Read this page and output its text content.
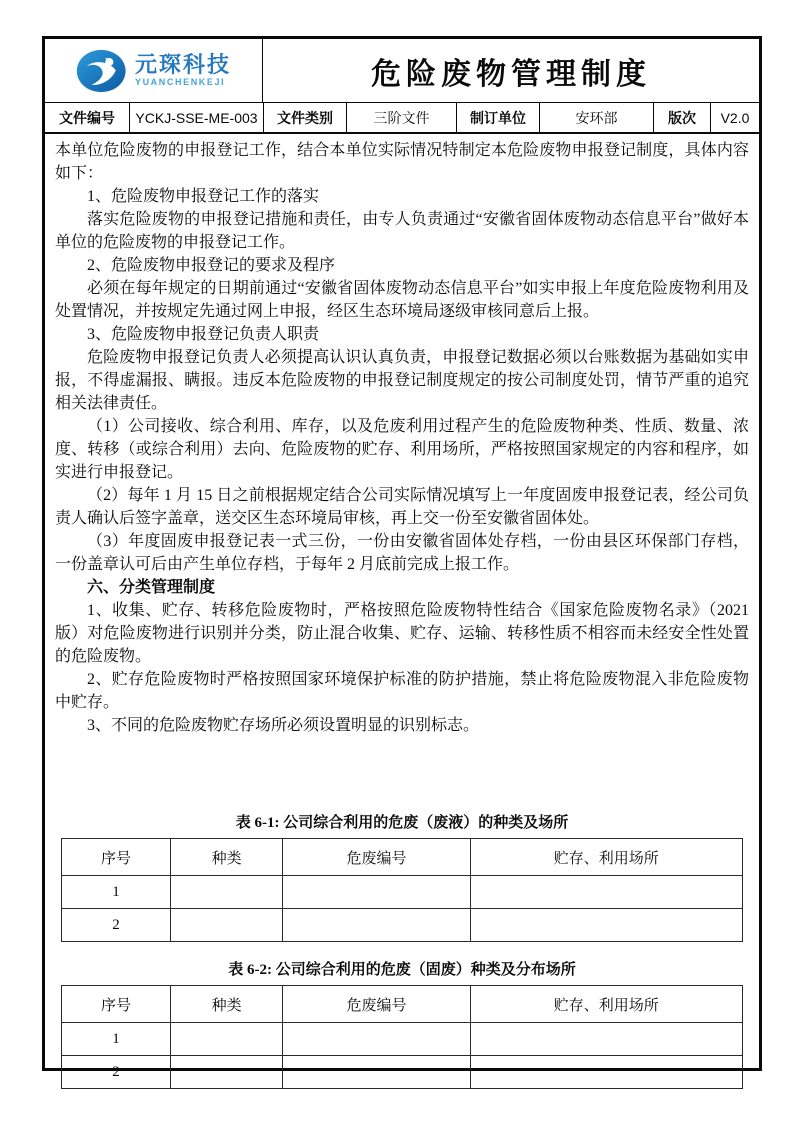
元琛科技
YUANCHENKEJI	危险废物管理制度
文件编号	YCKJ-SSE-ME-003	文件类别	三阶文件	制订单位	安环部	版次	V2.0

本单位危险废物的申报登记工作，结合本单位实际情况特制定本危险废物申报登记制度，具体内容如下：

1、危险废物申报登记工作的落实

落实危险废物的申报登记措施和责任，由专人负责通过“安徽省固体废物动态信息平台”做好本单位的危险废物的申报登记工作。

2、危险废物申报登记的要求及程序

必须在每年规定的日期前通过“安徽省固体废物动态信息平台”如实申报上年度危险废物利用及处置情况，并按规定先通过网上申报，经区生态环境局逐级审核同意后上报。

3、危险废物申报登记负责人职责

危险废物申报登记负责人必须提高认识认真负责，申报登记数据必须以台账数据为基础如实申报，不得虚漏报、瞒报。违反本危险废物的申报登记制度规定的按公司制度处罚，情节严重的追究相关法律责任。

（1）公司接收、综合利用、库存，以及危废利用过程产生的危险废物种类、性质、数量、浓度、转移（或综合利用）去向、危险废物的贮存、利用场所，严格按照国家规定的内容和程序，如实进行申报登记。

（2）每年 1 月 15 日之前根据规定结合公司实际情况填写上一年度固废申报登记表，经公司负责人确认后签字盖章，送交区生态环境局审核，再上交一份至安徽省固体处。

（3）年度固废申报登记表一式三份，一份由安徽省固体处存档，一份由县区环保部门存档，一份盖章认可后由产生单位存档，于每年 2 月底前完成上报工作。

六、分类管理制度

1、收集、贮存、转移危险废物时，严格按照危险废物特性结合《国家危险废物名录》（2021 版）对危险废物进行识别并分类，防止混合收集、贮存、运输、转移性质不相容而未经安全性处置的危险废物。

2、贮存危险废物时严格按照国家环境保护标准的防护措施，禁止将危险废物混入非危险废物中贮存。

3、不同的危险废物贮存场所必须设置明显的识别标志。

表 6-1: 公司综合利用的危废（废液）的种类及场所
序号	种类	危废编号	贮存、利用场所
1			
2			
表 6-2: 公司综合利用的危废（固废）种类及分布场所
序号	种类	危废编号	贮存、利用场所
1			
2			
